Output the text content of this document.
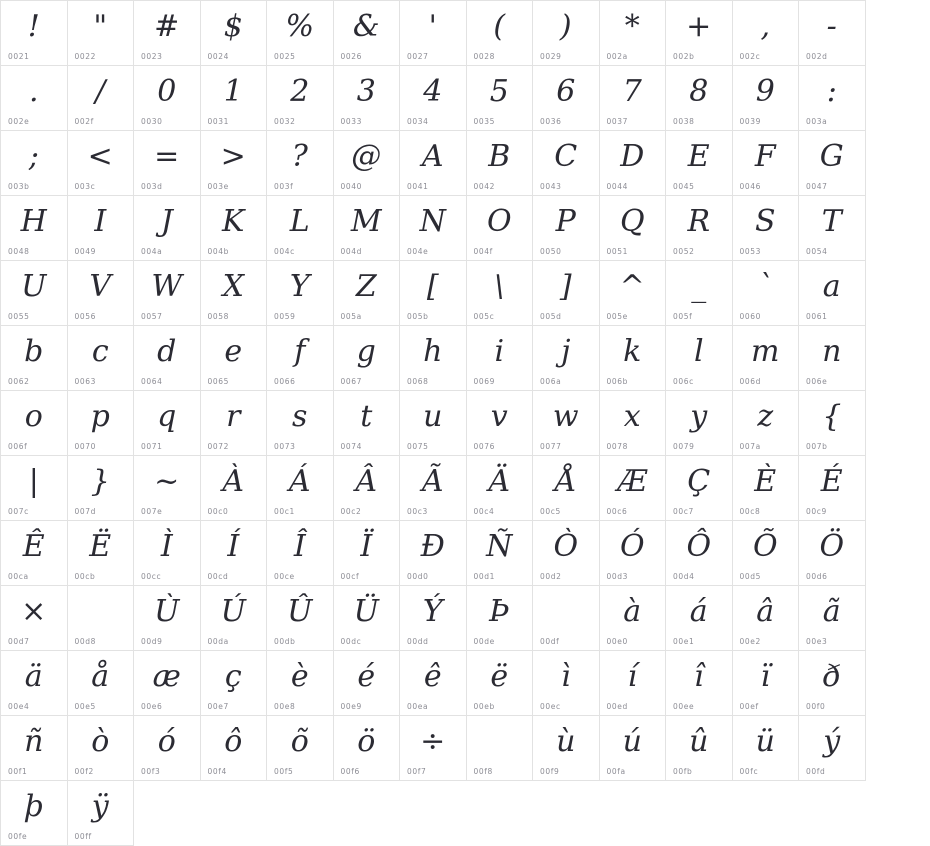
!
0021
"
0022
#
0023
$
0024
%
0025
&
0026
'
0027
(
0028
)
0029
*
002a
+
002b
,
002c
-
002d
.
002e
/
002f
0
0030
1
0031
2
0032
3
0033
4
0034
5
0035
6
0036
7
0037
8
0038
9
0039
:
003a
;
003b
<
003c
=
003d
>
003e
?
003f
@
0040
A
0041
B
0042
C
0043
D
0044
E
0045
F
0046
G
0047
H
0048
I
0049
J
004a
K
004b
L
004c
M
004d
N
004e
O
004f
P
0050
Q
0051
R
0052
S
0053
T
0054
U
0055
V
0056
W
0057
X
0058
Y
0059
Z
005a
[
005b
\
005c
]
005d
^
005e
_
005f
`
0060
a
0061
b
0062
c
0063
d
0064
e
0065
f
0066
g
0067
h
0068
i
0069
j
006a
k
006b
l
006c
m
006d
n
006e
o
006f
p
0070
q
0071
r
0072
s
0073
t
0074
u
0075
v
0076
w
0077
x
0078
y
0079
z
007a
{
007b
|
007c
}
007d
~
007e
À
00c0
Á
00c1
Â
00c2
Ã
00c3
Ä
00c4
Å
00c5
Æ
00c6
Ç
00c7
È
00c8
É
00c9
Ê
00ca
Ë
00cb
Ì
00cc
Í
00cd
Î
00ce
Ï
00cf
Ð
00d0
Ñ
00d1
Ò
00d2
Ó
00d3
Ô
00d4
Õ
00d5
Ö
00d6
×
00d7	00d8
Ù
00d9
Ú
00da
Û
00db
Ü
00dc
Ý
00dd
Þ
00de	00df
à
00e0
á
00e1
â
00e2
ã
00e3
ä
00e4
å
00e5
æ
00e6
ç
00e7
è
00e8
é
00e9
ê
00ea
ë
00eb
ì
00ec
í
00ed
î
00ee
ï
00ef
ð
00f0
ñ
00f1
ò
00f2
ó
00f3
ô
00f4
õ
00f5
ö
00f6
÷
00f7	00f8
ù
00f9
ú
00fa
û
00fb
ü
00fc
ý
00fd
þ
00fe
ÿ
00ff
